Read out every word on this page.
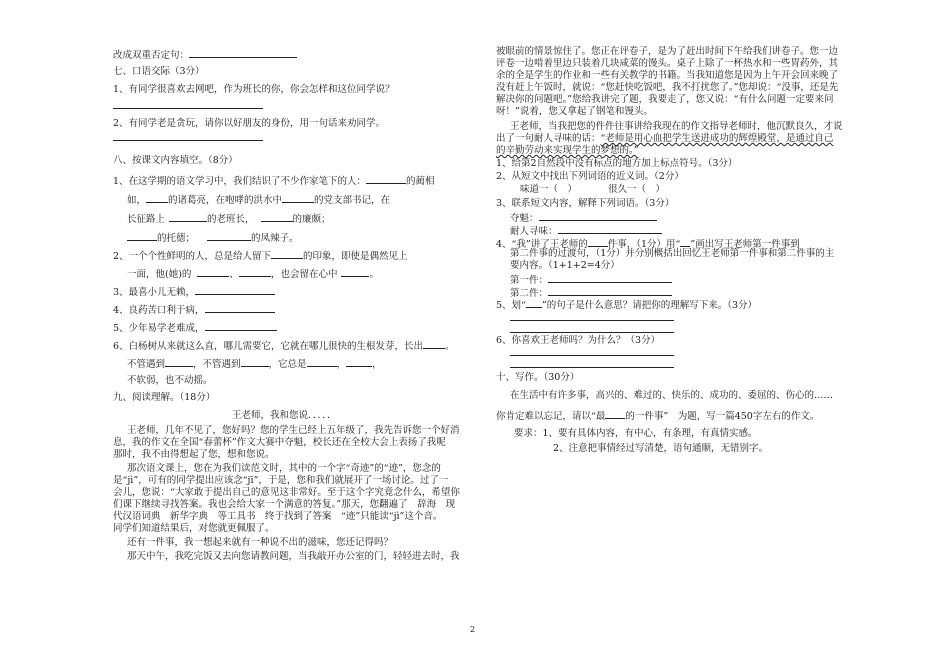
改成双重否定句：
七、口语交际（3分）
1、有同学很喜欢去网吧，作为班长的你，你会怎样和这位同学说？
2、有同学老是贪玩，请你以好朋友的身份，用一句话来劝同学。
八、按课文内容填空。（8分）
1、在这学期的语文学习中，我们结识了不少作家笔下的人：	的蔺相
如， 的诸葛亮，在咆哮的洪水中	的党支部书记，在
长征路上	的老班长，	的廉颇；
的托德；	的凤辣子。
2、一个个性鲜明的人，总是给人留下	的印象，即使是偶然见上
一面，他(她)的	、	，也会留在心中	。
3、最喜小儿无赖，
4、良药苦口利于病，
5、少年易学老难成，
6、白杨树从来就这么直，哪儿需要它，它就在哪儿很快的生根发芽，长出 。
不管遇到	，不管遇到	，它总是	，	，
不软弱，也不动摇。
九、阅读理解。（18分）
王老师，我和您说．．．．．
王老师，几年不见了，您好吗？您的学生已经上五年级了，我先告诉您一个好消
息，我的作文在全国“春蕾杯”作文大赛中夺魁，校长还在全校大会上表扬了我呢
那时，我不由得想起了您，想和您说。
那次语文课上，您在为我们读范文时，其中的一个字“奇迹”的“迹”，您念的
是“jì”，可有的同学提出应该念“jī”，于是，您和我们就展开了一场讨论。过了一
会儿，您说：“大家敢于提出自己的意见这非常好。至于这个字究竟念什么，希望你
们课下继续寻找答案。我也会给大家一个满意的答复。”那天，您翻遍了　辞海　现
代汉语词典　新华字典　等工具书　终于找到了答案　“迹”只能读“jì”这个音。
同学们知道结果后，对您就更佩服了。
还有一件事，我一想起来就有一种说不出的滋味，您还记得吗？
那天中午，我吃完饭又去向您请教问题，当我敲开办公室的门，轻轻进去时，我
被眼前的情景惊住了。您正在评卷子，是为了赶出时间下午给我们讲卷子。您一边
评卷一边啃着里边只装着几块咸菜的馒头。桌子上除了一杯热水和一些胃药外，其
余的全是学生的作业和一些有关教学的书籍。当我知道您是因为上午开会回来晚了
没有赶上午饭时，就说：“您赶快吃饭吧，我不打扰您了。”您却说：“没事，还是先
解决你的问题吧。”您给我讲完了题，我要走了，您又说：“有什么问题一定要来问
呀！”说着，您又拿起了钢笔和馒头。
王老师，当我把您的件件往事讲给我现在的作文指导老师时，他沉默良久，才说
出了一句耐人寻味的话：“老师是用心血把学生送进成功的辉煌殿堂，是通过自己
的辛勤劳动来实现学生的梦想的。”
1、给第2自然段中没有标点的地方加上标点符号。（3分）
2、从短文中找出下列词语的近义词。（2分）
味道一（　）	很久一（　）
3、联系短文内容，解释下列词语。（3分）
夺魁：
耐人寻味：
4、“我”讲了王老师的 件事，（1分）用“ ”画出写王老师第一件事到
第二件事的过渡句，（1分）并分别概括出回忆王老师第一件事和第二件事的主
要内容。（1+1+2=4分）
第一件：
第二件：
5、划“ ”的句子是什么意思？请把你的理解写下来。（3分）
6、你喜欢王老师吗？为什么？（3分）
十、写作。（30分）
在生活中有许多事，高兴的、难过的、快乐的、成功的、委屈的、伤心的……
你肯定难以忘记，请以“最 的一件事”　为题，写一篇450字左右的作文。
要求：1、要有具体内容，有中心，有条理，有真情实感。
2、注意把事情经过写清楚，语句通顺，无错别字。
2
